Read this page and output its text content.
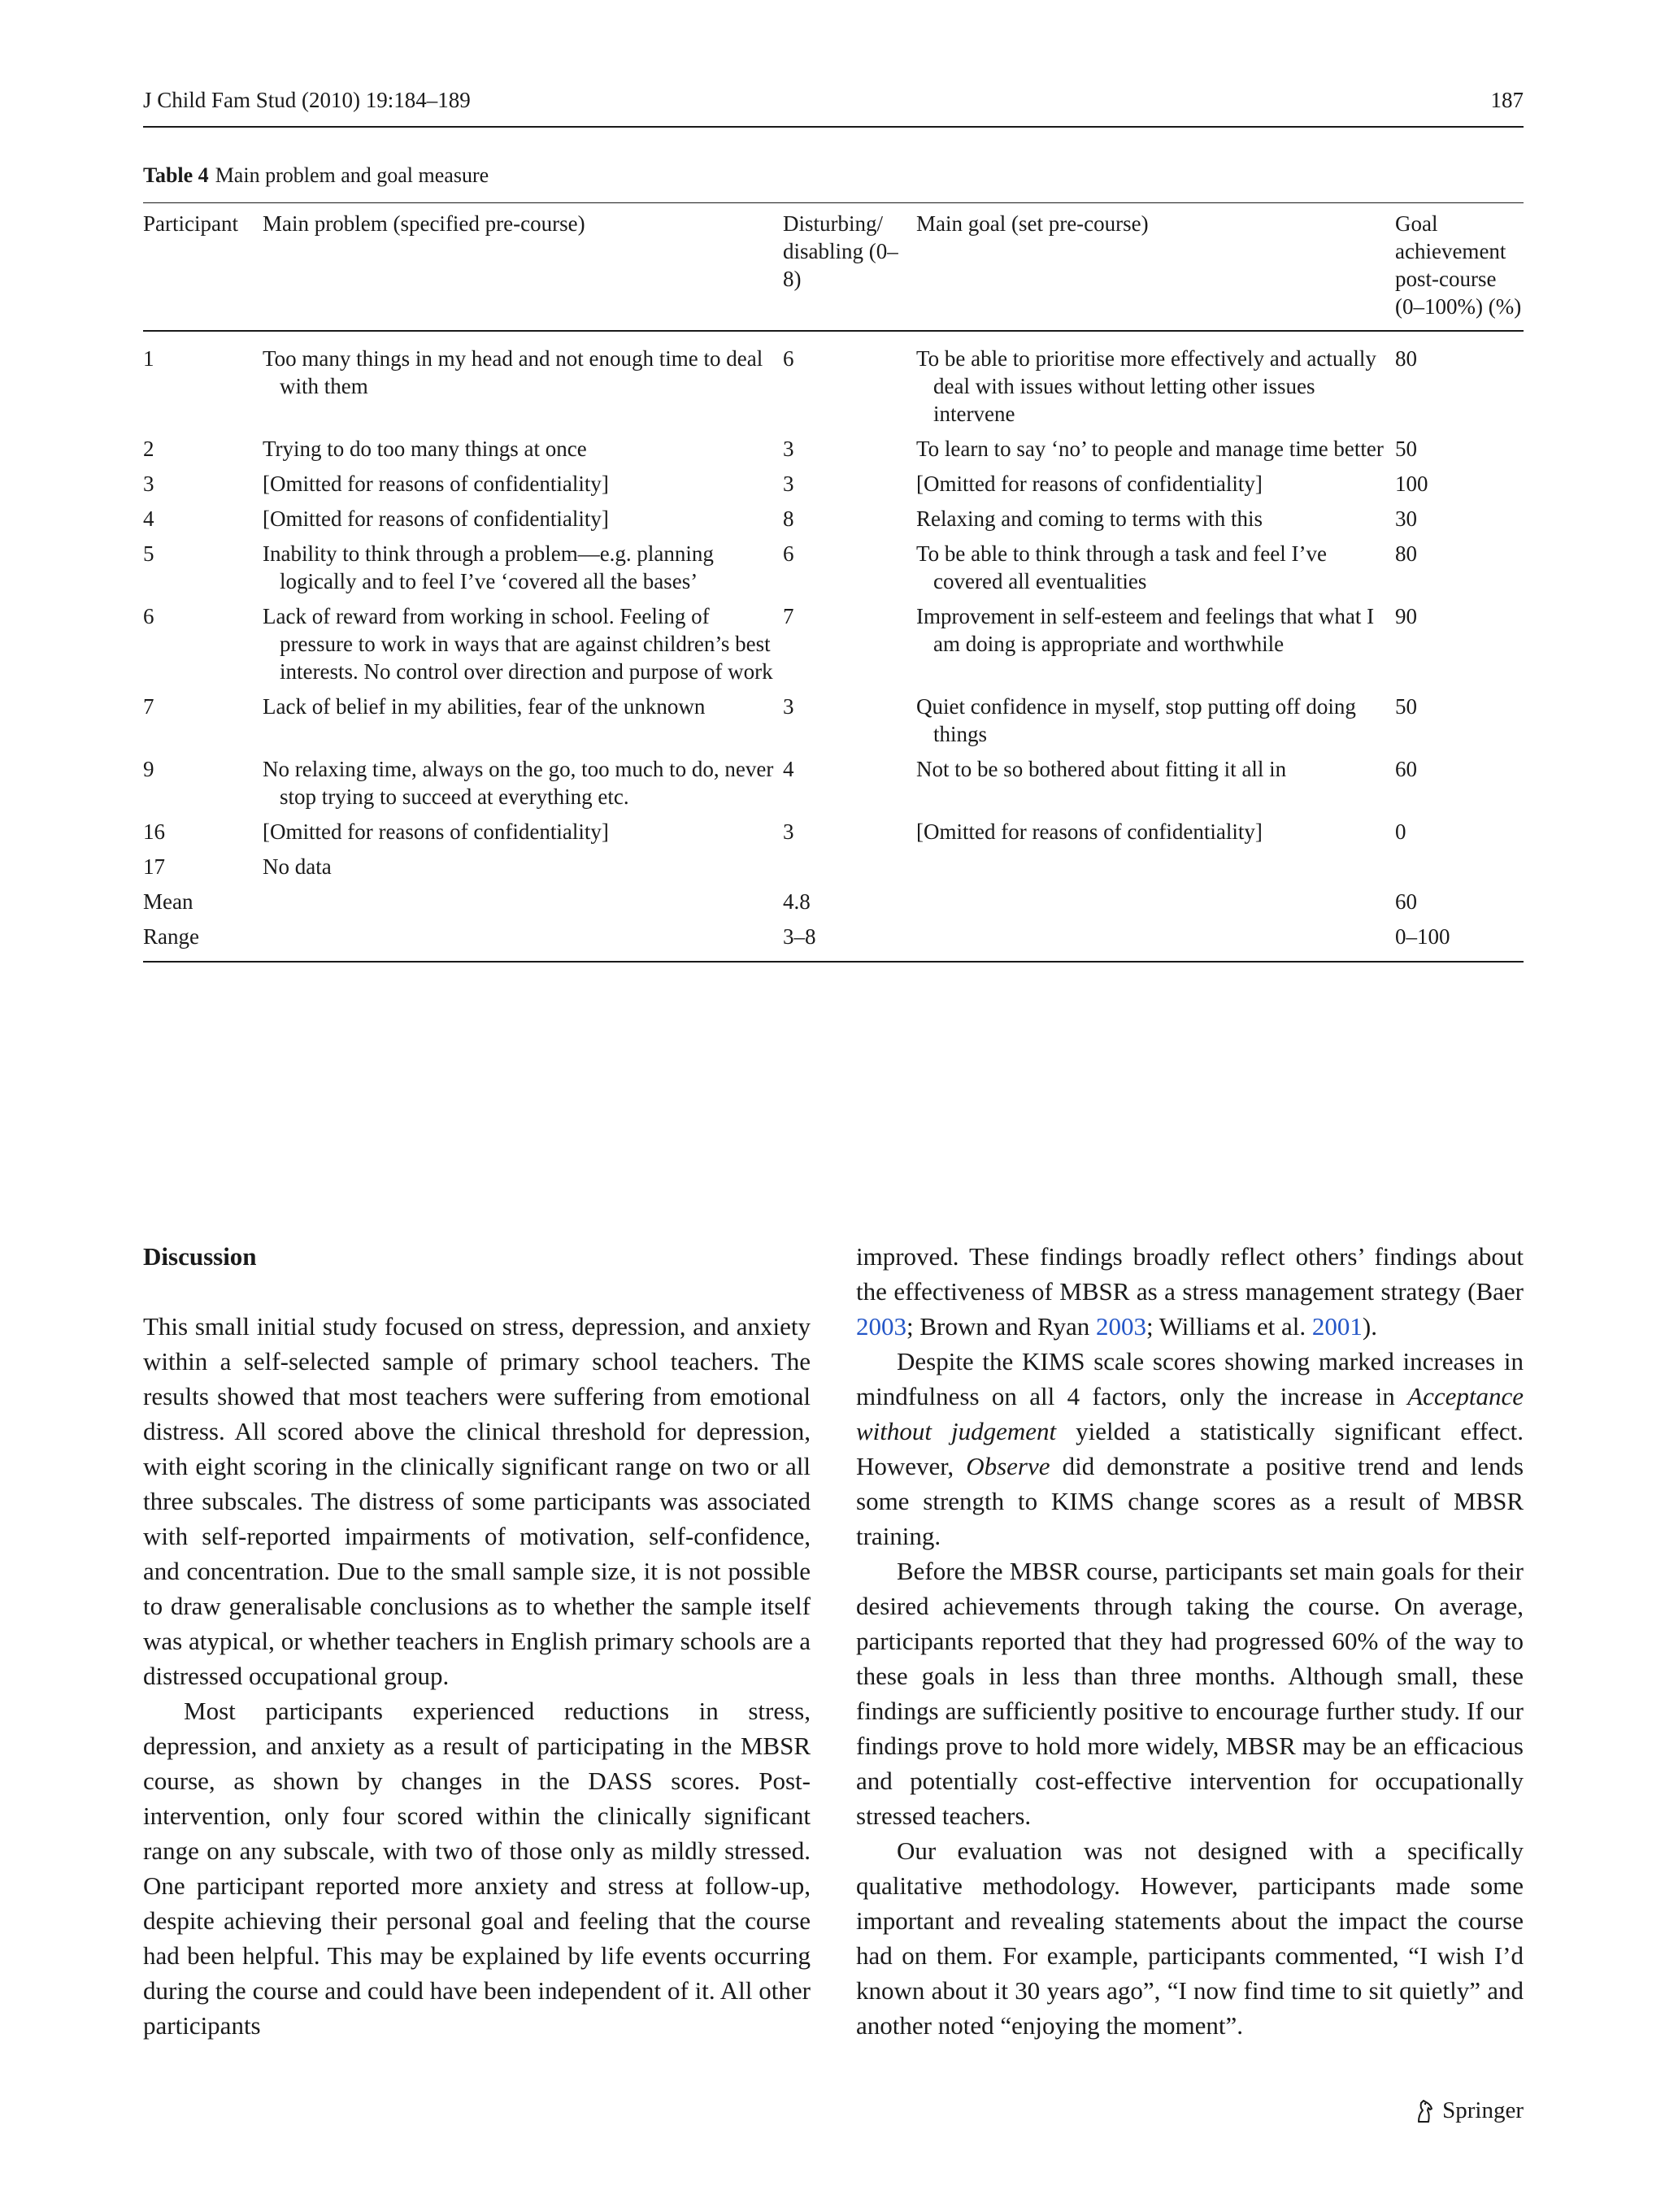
J Child Fam Stud (2010) 19:184–189	187
Table 4 Main problem and goal measure
Participant	Main problem (specified pre-course)	Disturbing/ disabling (0–8)	Main goal (set pre-course)	Goal achievement post-course (0–100%) (%)
1	Too many things in my head and not enough time to deal with them	6	To be able to prioritise more effectively and actually deal with issues without letting other issues intervene	80
2	Trying to do too many things at once	3	To learn to say ‘no’ to people and manage time better	50
3	[Omitted for reasons of confidentiality]	3	[Omitted for reasons of confidentiality]	100
4	[Omitted for reasons of confidentiality]	8	Relaxing and coming to terms with this	30
5	Inability to think through a problem—e.g. planning logically and to feel I’ve ‘covered all the bases’	6	To be able to think through a task and feel I’ve covered all eventualities	80
6	Lack of reward from working in school. Feeling of pressure to work in ways that are against children’s best interests. No control over direction and purpose of work	7	Improvement in self-esteem and feelings that what I am doing is appropriate and worthwhile	90
7	Lack of belief in my abilities, fear of the unknown	3	Quiet confidence in myself, stop putting off doing things	50
9	No relaxing time, always on the go, too much to do, never stop trying to succeed at everything etc.	4	Not to be so bothered about fitting it all in	60
16	[Omitted for reasons of confidentiality]	3	[Omitted for reasons of confidentiality]	0
17	No data			

Mean		4.8		60
Range		3–8		0–100
Discussion

This small initial study focused on stress, depression, and anxiety within a self-selected sample of primary school teachers. The results showed that most teachers were suffering from emotional distress. All scored above the clinical threshold for depression, with eight scoring in the clinically significant range on two or all three subscales. The distress of some participants was associated with self-reported impairments of motivation, self-confidence, and concentration. Due to the small sample size, it is not possible to draw generalisable conclusions as to whether the sample itself was atypical, or whether teachers in English primary schools are a distressed occupational group.

Most participants experienced reductions in stress, depression, and anxiety as a result of participating in the MBSR course, as shown by changes in the DASS scores. Post-intervention, only four scored within the clinically significant range on any subscale, with two of those only as mildly stressed. One participant reported more anxiety and stress at follow-up, despite achieving their personal goal and feeling that the course had been helpful. This may be explained by life events occurring during the course and could have been independent of it. All other participants

improved. These findings broadly reflect others’ findings about the effectiveness of MBSR as a stress management strategy (Baer 2003; Brown and Ryan 2003; Williams et al. 2001).

Despite the KIMS scale scores showing marked increases in mindfulness on all 4 factors, only the increase in Acceptance without judgement yielded a statistically significant effect. However, Observe did demonstrate a positive trend and lends some strength to KIMS change scores as a result of MBSR training.

Before the MBSR course, participants set main goals for their desired achievements through taking the course. On average, participants reported that they had progressed 60% of the way to these goals in less than three months. Although small, these findings are sufficiently positive to encourage further study. If our findings prove to hold more widely, MBSR may be an efficacious and potentially cost-effective intervention for occupationally stressed teachers.

Our evaluation was not designed with a specifically qualitative methodology. However, participants made some important and revealing statements about the impact the course had on them. For example, participants commented, “I wish I’d known about it 30 years ago”, “I now find time to sit quietly” and another noted “enjoying the moment”.

Springer
